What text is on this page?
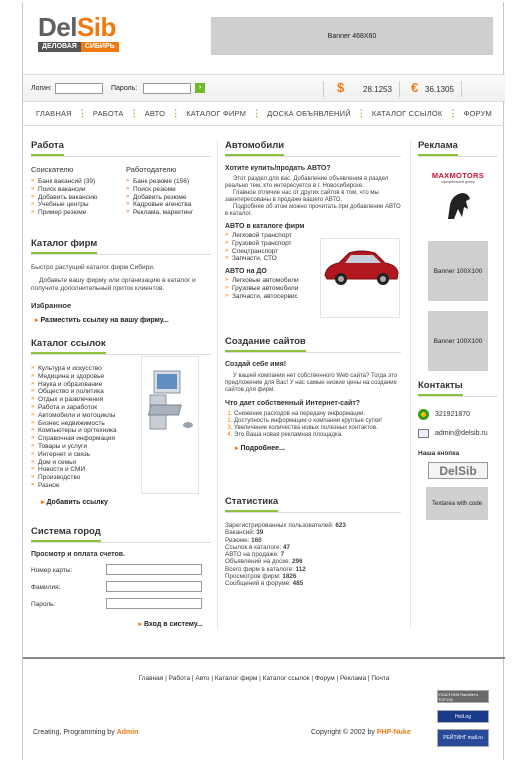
DelSib
ДЕЛОВАЯ	СИБИРЬ
Banner 468X60
Логин:	Пароль:	›	$ 28.1253 € 36.1305
ГЛАВНАЯ ⋮ РАБОТА ⋮ АВТО ⋮ КАТАЛОГ ФИРМ ⋮ ДОСКА ОБЪЯВЛЕНИЙ ⋮ КАТАЛОГ ССЫЛОК ⋮ ФОРУМ
Работа
Соискателю
» Банк вакансий (39)
» Поиск вакансии
» Добавить вакансию
» Учебные центры
» Пример резюме
Работодателю
» Банк резюме (156)
» Поиск резюме
» Добавить резюме
» Кадровые агенства
» Реклама, маркетинг
Каталог фирм

Быстро растущий каталог фирм Сибири.

Добавьте вашу фирму или организацию в каталог и получите дополнительный приток клиентов.

Избранное
▸ Разместить ссылку на вашу фирму...
Каталог ссылок
» Культура и искусство
» Медицина и здоровье
» Наука и образование
» Общество и политика
» Отдых и развлечения
» Работа и заработок
» Автомобили и мотоциклы
» Бизнес недвижимость
» Компьютеры и оргтехника
» Справочная информация
» Товары и услуги
» Интернет и связь
» Дом и семья
» Новости и СМИ
» Производство
» Разное
▸ Добавить ссылку
Система город
Просмотр и оплата счетов.
Номер карты:
Фамилия:
Пароль:
▸ Вход в систему...
Автомобили
Хотите купить/продать АВТО?

Этот раздел для вас. Добавление объявления в раздел реально тем, кто интересуется в г. Новосибирске.

Главное отличие нас от других сайтов в том, что мы заинтересованы в продаже вашего АВТО.

Подробнее об этом можно прочитать при добавлении АВТО в каталог.

АВТО в каталоге фирм
» Легковой транспорт
» Грузовой транспорт
» Спецтранспорт
» Запчасти, СТО
АВТО на ДО
» Легковые автомобили
» Грузовые автомобили
» Запчасти, автосервис
Создание сайтов
Создай себе имя!

У вашей компании нет собственного Web сайта? Тогда это предложение для Вас! У нас самые низкие цены на создание сайтов для фирм.

Что дает собственный Интернет-сайт?
1. Снижение расходов на передачу информации.
2. Доступность информации о компании круглые сутки!
3. Увеличение количества новых полезных контактов.
4. Это Ваша новая рекламная площадка.
▸ Подробнее...
Статистика
Зарегистрированных пользователей: 623
Вакансий: 39
Резюме: 160
Ссылок в каталоге: 47
АВТО на продажe: 7
Объявлений на доске: 296
Всего фирм в каталоге: 112
Просмотров фирм: 1826
Сообщений в форуме: 485
Реклама
MAXMOTORS
официальный дилер
Banner 100X100
Banner 100X100
Контакты
321921870
admin@delsib.ru
Наша кнопка
DelSib
Textarea with code
Главная | Работа | Авто | Каталог фирм | Каталог ссылок | Форум | Реклама | Почта
Creating, Programming by Admin	Copyright © 2002 by PHP-Nuke
УЧАСТНИК Rambler's TOP100
HotLog
РЕЙТИНГ mail.ru
